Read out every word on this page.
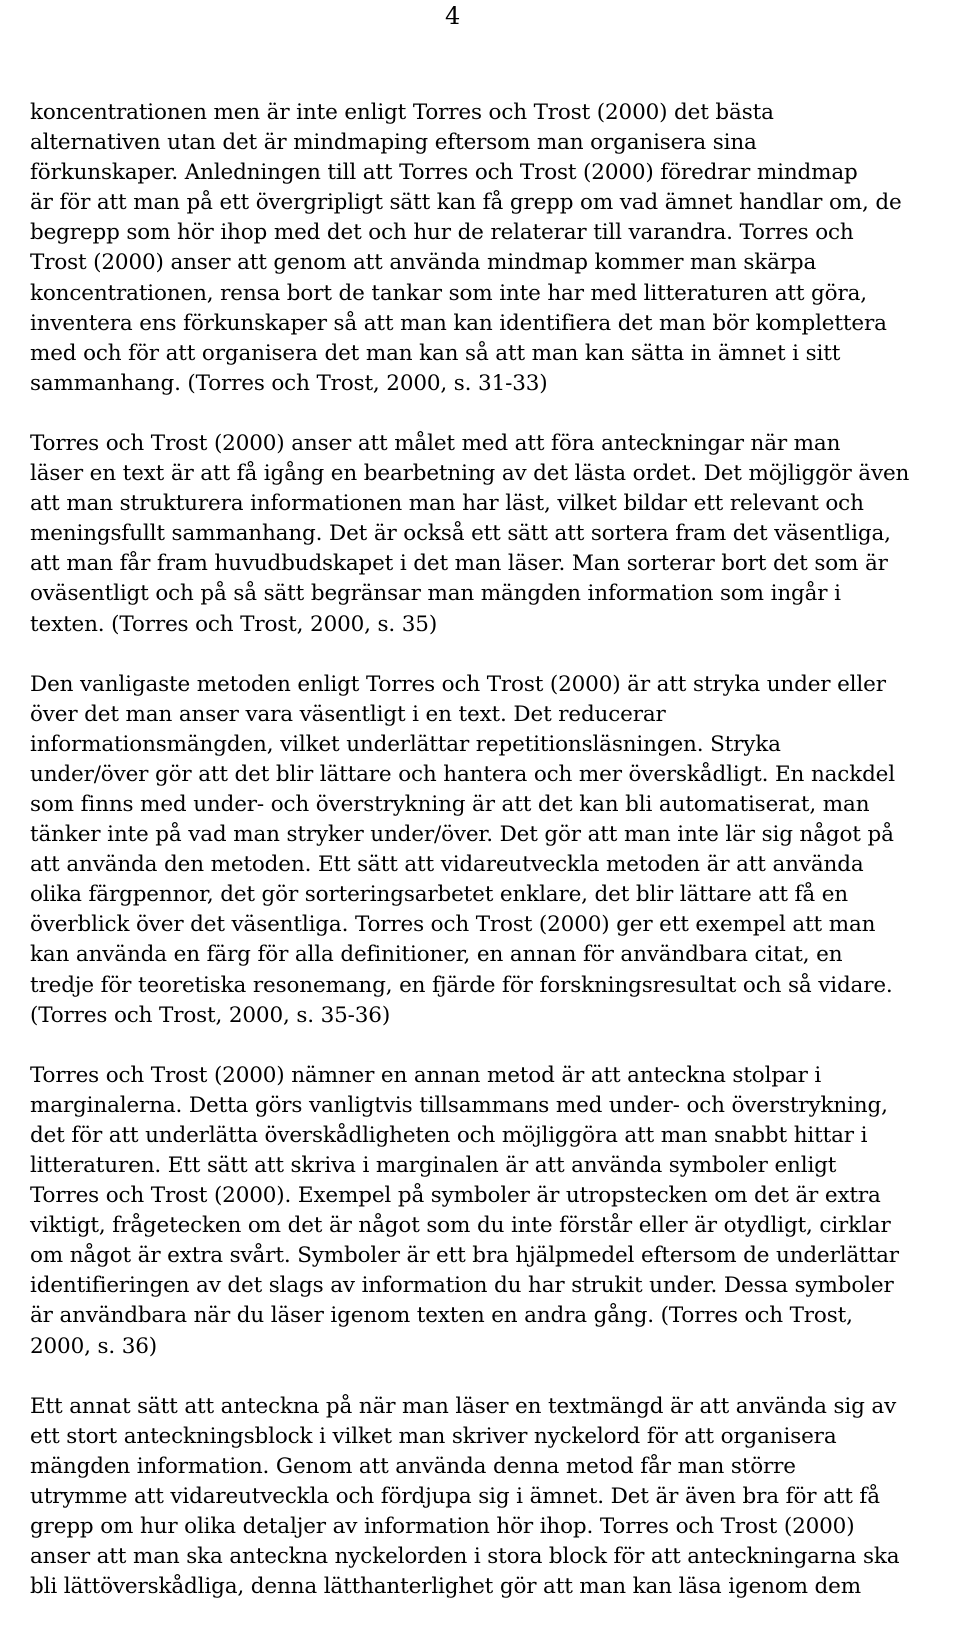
4

koncentrationen men är inte enligt Torres och Trost (2000) det bästa
alternativen utan det är mindmaping eftersom man organisera sina
förkunskaper. Anledningen till att Torres och Trost (2000) föredrar mindmap
är för att man på ett övergripligt sätt kan få grepp om vad ämnet handlar om, de
begrepp som hör ihop med det och hur de relaterar till varandra. Torres och
Trost (2000) anser att genom att använda mindmap kommer man skärpa
koncentrationen, rensa bort de tankar som inte har med litteraturen att göra,
inventera ens förkunskaper så att man kan identifiera det man bör komplettera
med och för att organisera det man kan så att man kan sätta in ämnet i sitt
sammanhang. (Torres och Trost, 2000, s. 31-33)

Torres och Trost (2000) anser att målet med att föra anteckningar när man
läser en text är att få igång en bearbetning av det lästa ordet. Det möjliggör även
att man strukturera informationen man har läst, vilket bildar ett relevant och
meningsfullt sammanhang. Det är också ett sätt att sortera fram det väsentliga,
att man får fram huvudbudskapet i det man läser. Man sorterar bort det som är
oväsentligt och på så sätt begränsar man mängden information som ingår i
texten. (Torres och Trost, 2000, s. 35)

Den vanligaste metoden enligt Torres och Trost (2000) är att stryka under eller
över det man anser vara väsentligt i en text. Det reducerar
informationsmängden, vilket underlättar repetitionsläsningen. Stryka
under/över gör att det blir lättare och hantera och mer överskådligt. En nackdel
som finns med under- och överstrykning är att det kan bli automatiserat, man
tänker inte på vad man stryker under/över. Det gör att man inte lär sig något på
att använda den metoden. Ett sätt att vidareutveckla metoden är att använda
olika färgpennor, det gör sorteringsarbetet enklare, det blir lättare att få en
överblick över det väsentliga. Torres och Trost (2000) ger ett exempel att man
kan använda en färg för alla definitioner, en annan för användbara citat, en
tredje för teoretiska resonemang, en fjärde för forskningsresultat och så vidare.
(Torres och Trost, 2000, s. 35-36)

Torres och Trost (2000) nämner en annan metod är att anteckna stolpar i
marginalerna. Detta görs vanligtvis tillsammans med under- och överstrykning,
det för att underlätta överskådligheten och möjliggöra att man snabbt hittar i
litteraturen. Ett sätt att skriva i marginalen är att använda symboler enligt
Torres och Trost (2000). Exempel på symboler är utropstecken om det är extra
viktigt, frågetecken om det är något som du inte förstår eller är otydligt, cirklar
om något är extra svårt. Symboler är ett bra hjälpmedel eftersom de underlättar
identifieringen av det slags av information du har strukit under. Dessa symboler
är användbara när du läser igenom texten en andra gång. (Torres och Trost,
2000, s. 36)

Ett annat sätt att anteckna på när man läser en textmängd är att använda sig av
ett stort anteckningsblock i vilket man skriver nyckelord för att organisera
mängden information. Genom att använda denna metod får man större
utrymme att vidareutveckla och fördjupa sig i ämnet. Det är även bra för att få
grepp om hur olika detaljer av information hör ihop. Torres och Trost (2000)
anser att man ska anteckna nyckelorden i stora block för att anteckningarna ska
bli lättöverskådliga, denna lätthanterlighet gör att man kan läsa igenom dem
